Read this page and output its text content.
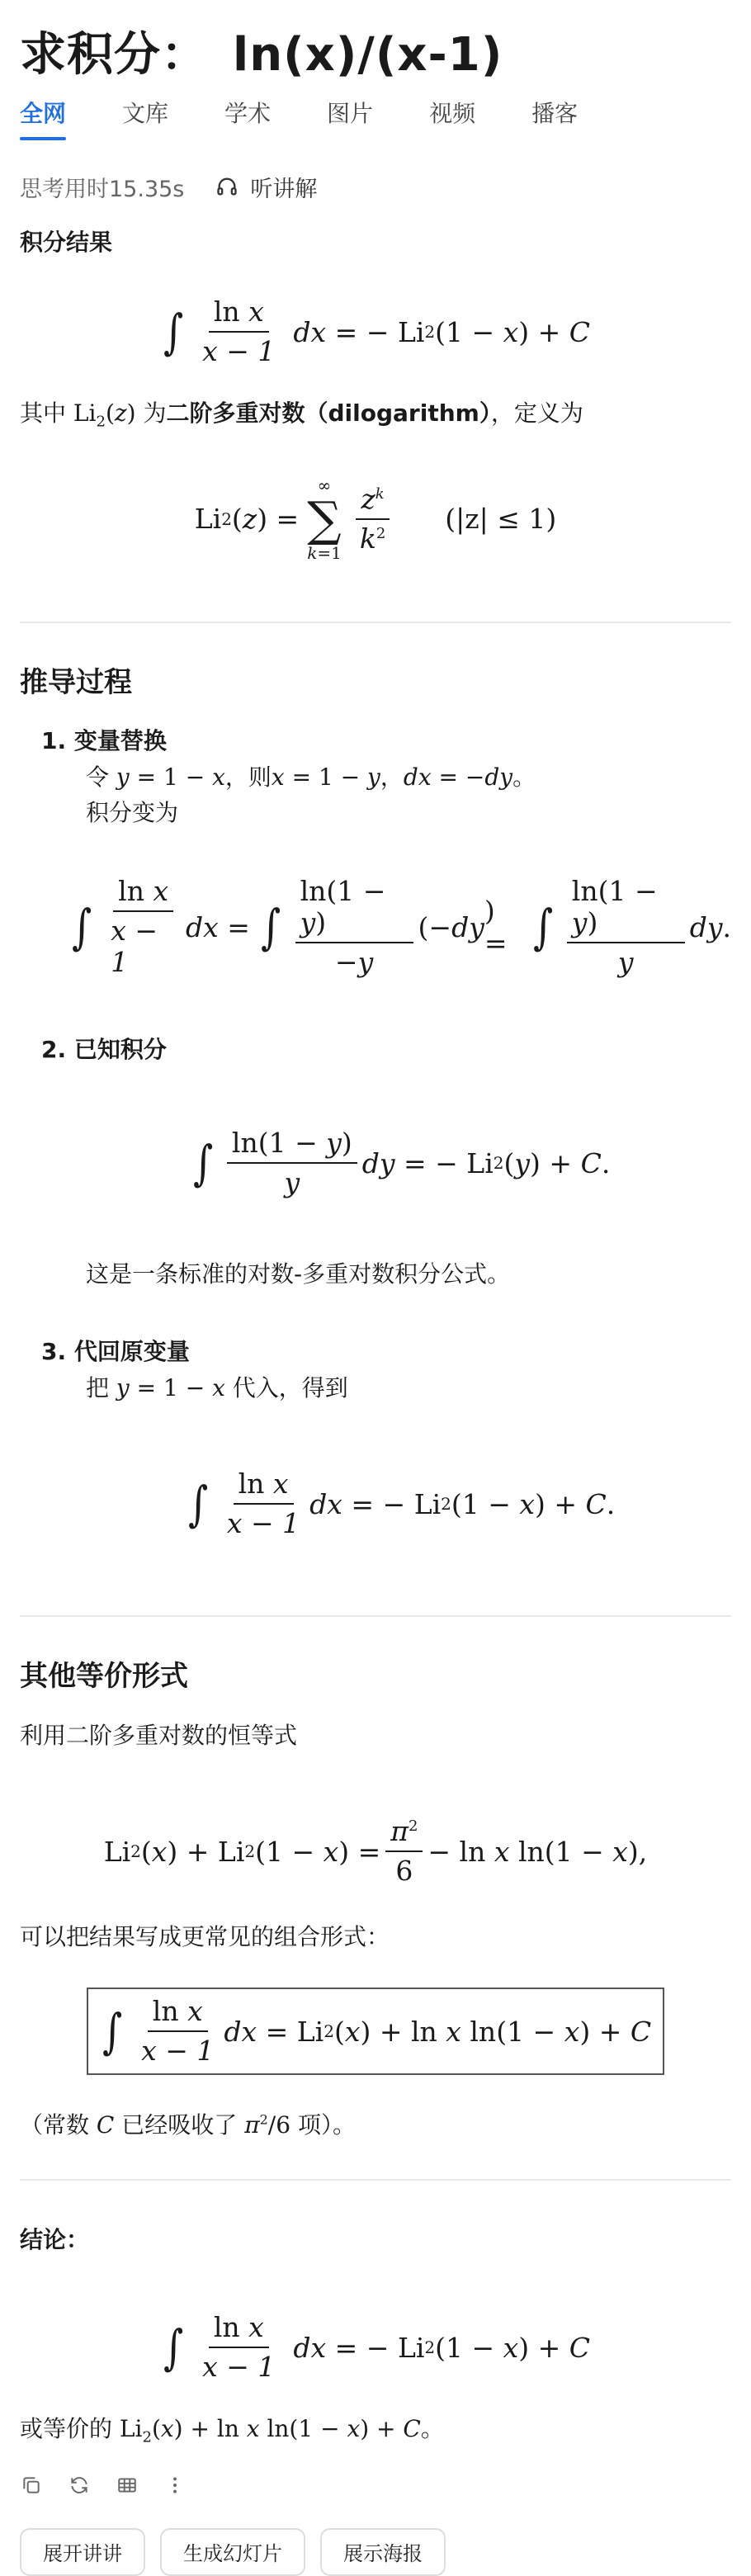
求积分： ln(x)/(x-1)
全网 文库 学术 图片 视频 播客
思考用时15.35s	听讲解
积分结果
∫ $\frac{\text{ln x}}{x - 1}$ dx = − Li 2 (1 − x ) + C
其中 $Li_2(z)$ 为二阶多重对数（dilogarithm），定义为
Li 2 ( z ) =
∞
∑
$k=1 \frac{z^k}{k^2} (|z| \le 1)$
推导过程
1. 变量替换
令 y = 1 − x，则x = 1 − y，dx = −dy。
积分变为
∫ $\frac{\text{ln x}}{x - 1}$ dx = ∫ $\frac{\ln(1 - y)}{-y}$ (− dy ) = ∫ $\frac{\ln(1 - y)}{y}$ dy .
2. 已知积分
∫ $\frac{\ln(1 - y)}{y}$ dy = − Li 2 ( y ) + C .
这是一条标准的对数-多重对数积分公式。
3. 代回原变量
把 y = 1 − x 代入，得到
∫ $\frac{\text{ln x}}{x - 1}$ dx = − Li 2 (1 − x ) + C .
其他等价形式
利用二阶多重对数的恒等式
Li 2 ( x ) + Li 2 (1 − x ) = $\frac{\pi^2}{6} - \ln x$ ln(1 − x ),
可以把结果写成更常见的组合形式：
∫ $\frac{\text{ln x}}{x - 1}$ dx = Li 2 ( x ) + ln x ln(1 − x ) + C
（常数 C 已经吸收了 $\pi^2/6$ 项）。
结论：
∫ $\frac{\text{ln x}}{x - 1}$ dx = − Li 2 (1 − x ) + C
或等价的 $Li_2(x) + \ln x$ ln(1 − x) + C。
展开讲讲	生成幻灯片	展示海报
